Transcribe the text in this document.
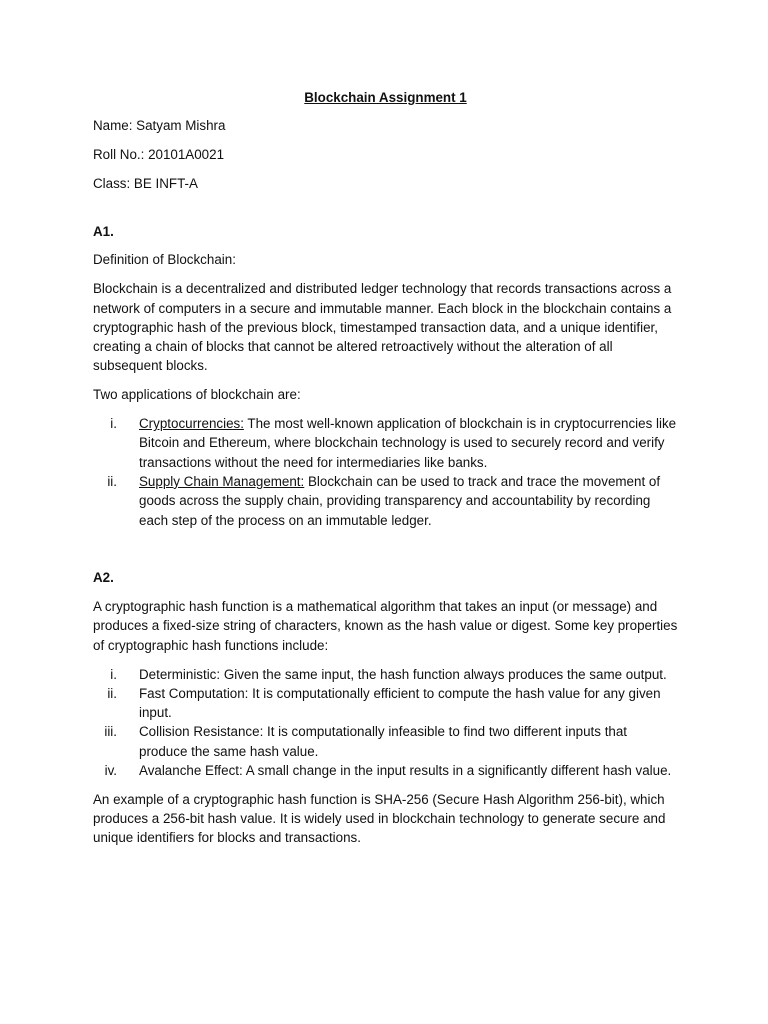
Blockchain Assignment 1
Name: Satyam Mishra
Roll No.: 20101A0021
Class: BE INFT-A
A1.

Definition of Blockchain:

Blockchain is a decentralized and distributed ledger technology that records transactions across a network of computers in a secure and immutable manner. Each block in the blockchain contains a cryptographic hash of the previous block, timestamped transaction data, and a unique identifier, creating a chain of blocks that cannot be altered retroactively without the alteration of all subsequent blocks.

Two applications of blockchain are:

i.	Cryptocurrencies: The most well-known application of blockchain is in cryptocurrencies like Bitcoin and Ethereum, where blockchain technology is used to securely record and verify transactions without the need for intermediaries like banks.
ii.	Supply Chain Management: Blockchain can be used to track and trace the movement of goods across the supply chain, providing transparency and accountability by recording each step of the process on an immutable ledger.
A2.

A cryptographic hash function is a mathematical algorithm that takes an input (or message) and produces a fixed-size string of characters, known as the hash value or digest. Some key properties of cryptographic hash functions include:

i.	Deterministic: Given the same input, the hash function always produces the same output.
ii.	Fast Computation: It is computationally efficient to compute the hash value for any given input.
iii.	Collision Resistance: It is computationally infeasible to find two different inputs that produce the same hash value.
iv.	Avalanche Effect: A small change in the input results in a significantly different hash value.

An example of a cryptographic hash function is SHA-256 (Secure Hash Algorithm 256-bit), which produces a 256-bit hash value. It is widely used in blockchain technology to generate secure and unique identifiers for blocks and transactions.
